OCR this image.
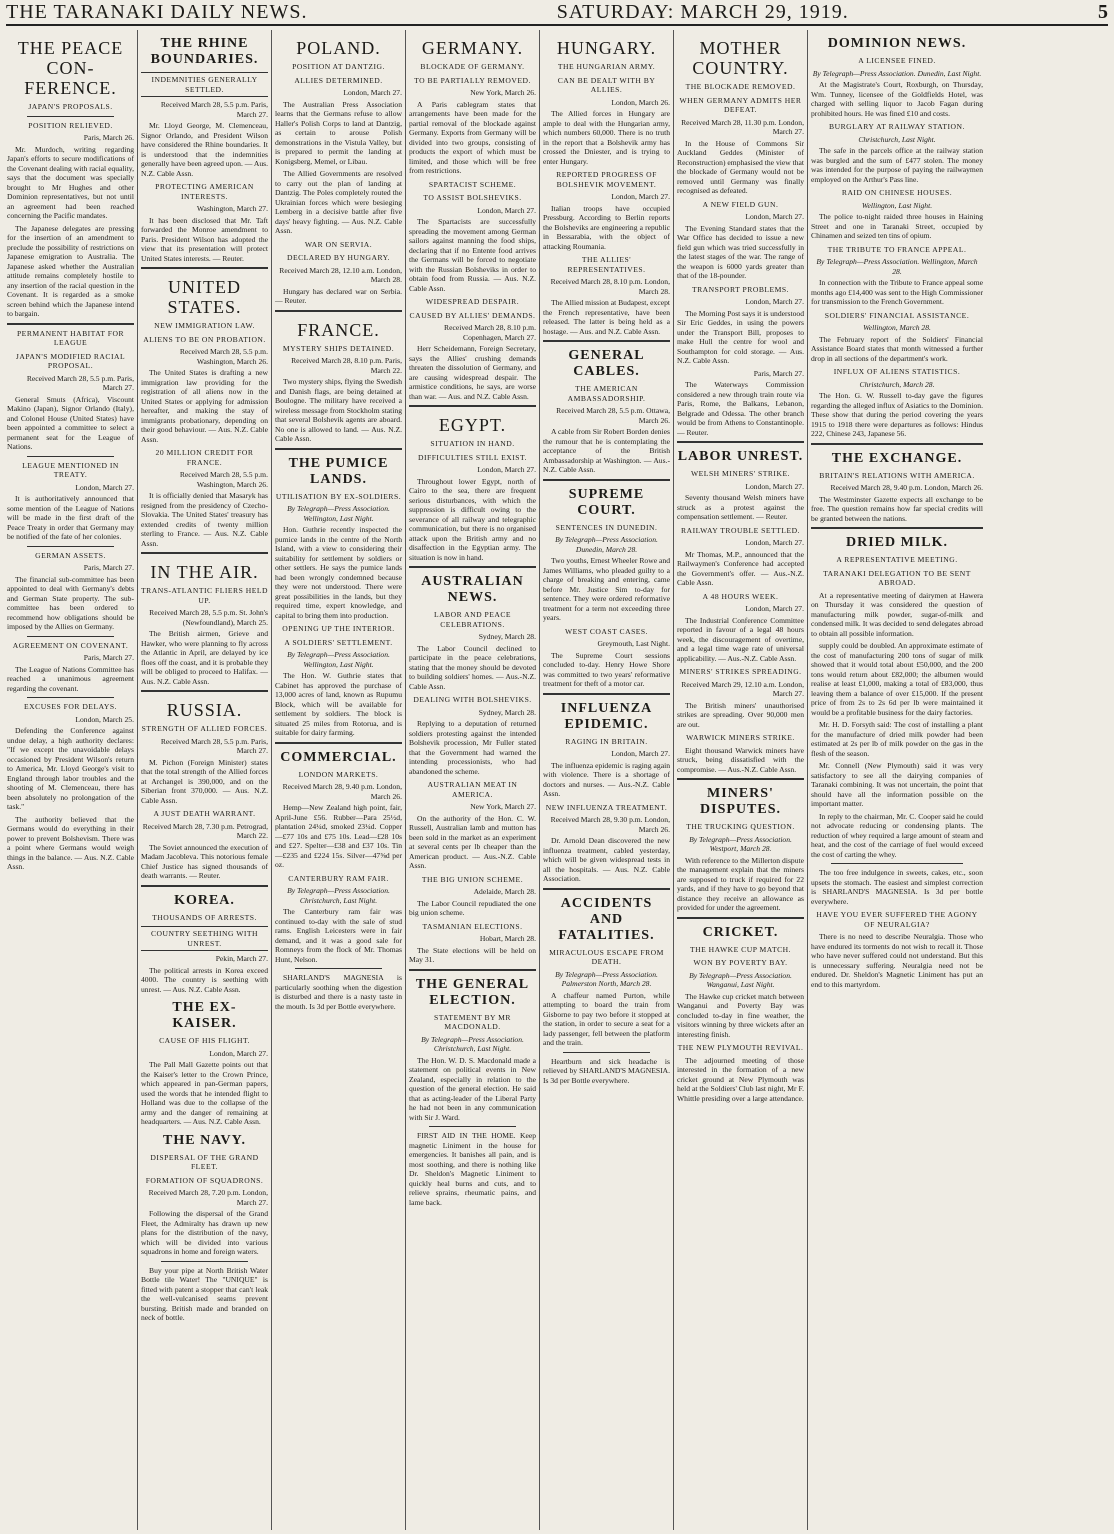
THE TARANAKI DAILY NEWS.	SATURDAY: MARCH 29, 1919.	5
THE PEACE CON-FERENCE.
JAPAN'S PROPOSALS.
POSITION RELIEVED.
Paris, March 26.

Mr. Murdoch, writing regarding Japan's efforts to secure modifications of the Covenant dealing with racial equality, says that the document was specially brought to Mr Hughes and other Dominion representatives, but not until an agreement had been reached concerning the Pacific mandates.

The Japanese delegates are pressing for the insertion of an amendment to preclude the possibility of restrictions on Japanese emigration to Australia. The Japanese asked whether the Australian attitude remains completely hostile to any insertion of the racial question in the Covenant. It is regarded as a smoke screen behind which the Japanese intend to bargain.

PERMANENT HABITAT FOR LEAGUE
JAPAN'S MODIFIED RACIAL PROPOSAL.
Received March 28, 5.5 p.m. Paris, March 27.

General Smuts (Africa), Viscount Makino (Japan), Signor Orlando (Italy), and Colonel House (United States) have been appointed a committee to select a permanent seat for the League of Nations.

LEAGUE MENTIONED IN TREATY.
London, March 27.

It is authoritatively announced that some mention of the League of Nations will be made in the first draft of the Peace Treaty in order that Germany may be notified of the fate of her colonies.

GERMAN ASSETS.
Paris, March 27.

The financial sub-committee has been appointed to deal with Germany's debts and German State property. The sub-committee has been ordered to recommend how obligations should be imposed by the Allies on Germany.

AGREEMENT ON COVENANT.
Paris, March 27.

The League of Nations Committee has reached a unanimous agreement regarding the covenant.

EXCUSES FOR DELAYS.
London, March 25.

Defending the Conference against undue delay, a high authority declares: "If we except the unavoidable delays occasioned by President Wilson's return to America, Mr. Lloyd George's visit to England through labor troubles and the shooting of M. Clemenceau, there has been absolutely no prolongation of the task."

The authority believed that the Germans would do everything in their power to prevent Bolshevism. There was a point where Germans would weigh things in the balance. — Aus. N.Z. Cable Assn.

THE RHINE BOUNDARIES.
INDEMNITIES GENERALLY SETTLED.
Received March 28, 5.5 p.m. Paris, March 27.

Mr. Lloyd George, M. Clemenceau, Signor Orlando, and President Wilson have considered the Rhine boundaries. It is understood that the indemnities generally have been agreed upon. — Aus. N.Z. Cable Assn.

PROTECTING AMERICAN INTERESTS.
Washington, March 27.

It has been disclosed that Mr. Taft forwarded the Monroe amendment to Paris. President Wilson has adopted the view that its presentation will protect United States interests. — Reuter.

UNITED STATES.
NEW IMMIGRATION LAW.
ALIENS TO BE ON PROBATION.
Received March 28, 5.5 p.m. Washington, March 26.

The United States is drafting a new immigration law providing for the registration of all aliens now in the United States or applying for admission hereafter, and making the stay of immigrants probationary, depending on their good behaviour. — Aus. N.Z. Cable Assn.

20 MILLION CREDIT FOR FRANCE.
Received March 28, 5.5 p.m. Washington, March 26.

It is officially denied that Masaryk has resigned from the presidency of Czecho-Slovakia. The United States' treasury has extended credits of twenty million sterling to France. — Aus. N.Z. Cable Assn.

IN THE AIR.
TRANS-ATLANTIC FLIERS HELD UP.
Received March 28, 5.5 p.m. St. John's (Newfoundland), March 25.

The British airmen, Grieve and Hawker, who were planning to fly across the Atlantic in April, are delayed by ice floes off the coast, and it is probable they will be obliged to proceed to Halifax. — Aus. N.Z. Cable Assn.

RUSSIA.
STRENGTH OF ALLIED FORCES.
Received March 28, 5.5 p.m. Paris, March 27.

M. Pichon (Foreign Minister) states that the total strength of the Allied forces at Archangel is 390,000, and on the Siberian front 370,000. — Aus. N.Z. Cable Assn.

A JUST DEATH WARRANT.
Received March 28, 7.30 p.m. Petrograd, March 22.

The Soviet announced the execution of Madam Jacobleva. This notorious female Chief Justice has signed thousands of death warrants. — Reuter.

KOREA.
THOUSANDS OF ARRESTS.
COUNTRY SEETHING WITH UNREST.
Pekin, March 27.

The political arrests in Korea exceed 4000. The country is seething with unrest. — Aus. N.Z. Cable Assn.

THE EX-KAISER.
CAUSE OF HIS FLIGHT.
London, March 27.

The Pall Mall Gazette points out that the Kaiser's letter to the Crown Prince, which appeared in pan-German papers, used the words that he intended flight to Holland was due to the collapse of the army and the danger of remaining at headquarters. — Aus. N.Z. Cable Assn.

THE NAVY.
DISPERSAL OF THE GRAND FLEET.
FORMATION OF SQUADRONS.
Received March 28, 7.20 p.m. London, March 27.

Following the dispersal of the Grand Fleet, the Admiralty has drawn up new plans for the distribution of the navy, which will be divided into various squadrons in home and foreign waters.

Buy your pipe at North British Water Bottle tile Water! The "UNIQUE" is fitted with patent a stopper that can't leak the well-vulcanised seams prevent bursting. British made and branded on neck of bottle.

POLAND.
POSITION AT DANTZIG.
ALLIES DETERMINED.
London, March 27.

The Australian Press Association learns that the Germans refuse to allow Haller's Polish Corps to land at Dantzig, as certain to arouse Polish demonstrations in the Vistula Valley, but is prepared to permit the landing at Konigsberg, Memel, or Libau.

The Allied Governments are resolved to carry out the plan of landing at Dantzig. The Poles completely routed the Ukrainian forces which were besieging Lemberg in a decisive battle after five days' heavy fighting. — Aus. N.Z. Cable Assn.

WAR ON SERVIA.
DECLARED BY HUNGARY.
Received March 28, 12.10 a.m. London, March 28.

Hungary has declared war on Serbia. — Reuter.

FRANCE.
MYSTERY SHIPS DETAINED.
Received March 28, 8.10 p.m. Paris, March 22.

Two mystery ships, flying the Swedish and Danish flags, are being detained at Boulogne. The military have received a wireless message from Stockholm stating that several Bolshevik agents are aboard. No one is allowed to land. — Aus. N.Z. Cable Assn.

THE PUMICE LANDS.
UTILISATION BY EX-SOLDIERS.
By Telegraph—Press Association. Wellington, Last Night.

Hon. Guthrie recently inspected the pumice lands in the centre of the North Island, with a view to considering their suitability for settlement by soldiers or other settlers. He says the pumice lands had been wrongly condemned because they were not understood. There were great possibilities in the lands, but they required time, expert knowledge, and capital to bring them into production.

OPENING UP THE INTERIOR.
A SOLDIERS' SETTLEMENT.
By Telegraph—Press Association. Wellington, Last Night.

The Hon. W. Guthrie states that Cabinet has approved the purchase of 13,000 acres of land, known as Rupumu Block, which will be available for settlement by soldiers. The block is situated 25 miles from Rotorua, and is suitable for dairy farming.

COMMERCIAL.
LONDON MARKETS.
Received March 28, 9.40 p.m. London, March 26.

Hemp—New Zealand high point, fair, April-June £56. Rubber—Para 25½d, plantation 24¼d, smoked 23¼d. Copper—£77 10s and £75 10s. Lead—£28 10s and £27. Spelter—£38 and £37 10s. Tin—£235 and £224 15s. Silver—47⅝d per oz.

CANTERBURY RAM FAIR.
By Telegraph—Press Association. Christchurch, Last Night.

The Canterbury ram fair was continued to-day with the sale of stud rams. English Leicesters were in fair demand, and it was a good sale for Romneys from the flock of Mr. Thomas Hunt, Nelson.

SHARLAND'S MAGNESIA is particularly soothing when the digestion is disturbed and there is a nasty taste in the mouth. Is 3d per Bottle everywhere.

GERMANY.
BLOCKADE OF GERMANY.
TO BE PARTIALLY REMOVED.
New York, March 26.

A Paris cablegram states that arrangements have been made for the partial removal of the blockade against Germany. Exports from Germany will be divided into two groups, consisting of products the export of which must be limited, and those which will be free from restrictions.

SPARTACIST SCHEME.
TO ASSIST BOLSHEVIKS.
London, March 27.

The Spartacists are successfully spreading the movement among German sailors against manning the food ships, declaring that if no Entente food arrives the Germans will be forced to negotiate with the Russian Bolsheviks in order to obtain food from Russia. — Aus. N.Z. Cable Assn.

WIDESPREAD DESPAIR.
CAUSED BY ALLIES' DEMANDS.
Received March 28, 8.10 p.m. Copenhagen, March 27.

Herr Scheidemann, Foreign Secretary, says the Allies' crushing demands threaten the dissolution of Germany, and are causing widespread despair. The armistice conditions, he says, are worse than war. — Aus. and N.Z. Cable Assn.

EGYPT.
SITUATION IN HAND.
DIFFICULTIES STILL EXIST.
London, March 27.

Throughout lower Egypt, north of Cairo to the sea, there are frequent serious disturbances, with which the suppression is difficult owing to the severance of all railway and telegraphic communication, but there is no organised attack upon the British army and no disaffection in the Egyptian army. The situation is now in hand.

AUSTRALIAN NEWS.
LABOR AND PEACE CELEBRATIONS.
Sydney, March 28.

The Labor Council declined to participate in the peace celebrations, stating that the money should be devoted to building soldiers' homes. — Aus.-N.Z. Cable Assn.

DEALING WITH BOLSHEVIKS.
Sydney, March 28.

Replying to a deputation of returned soldiers protesting against the intended Bolshevik procession, Mr Fuller stated that the Government had warned the intending processionists, who had abandoned the scheme.

AUSTRALIAN MEAT IN AMERICA.
New York, March 27.

On the authority of the Hon. C. W. Russell, Australian lamb and mutton has been sold in the market as an experiment at several cents per lb cheaper than the American product. — Aus.-N.Z. Cable Assn.

THE BIG UNION SCHEME.
Adelaide, March 28.

The Labor Council repudiated the one big union scheme.

TASMANIAN ELECTIONS.
Hobart, March 28.

The State elections will be held on May 31.

THE GENERAL ELECTION.
STATEMENT BY MR MACDONALD.
By Telegraph—Press Association. Christchurch, Last Night.

The Hon. W. D. S. Macdonald made a statement on political events in New Zealand, especially in relation to the question of the general election. He said that as acting-leader of the Liberal Party he had not been in any communication with Sir J. Ward.

FIRST AID IN THE HOME. Keep magnetic Liniment in the house for emergencies. It banishes all pain, and is most soothing, and there is nothing like Dr. Sheldon's Magnetic Liniment to quickly heal burns and cuts, and to relieve sprains, rheumatic pains, and lame back.

HUNGARY.
THE HUNGARIAN ARMY.
CAN BE DEALT WITH BY ALLIES.
London, March 26.

The Allied forces in Hungary are ample to deal with the Hungarian army, which numbers 60,000. There is no truth in the report that a Bolshevik army has crossed the Dniester, and is trying to enter Hungary.

REPORTED PROGRESS OF BOLSHEVIK MOVEMENT.
London, March 27.

Italian troops have occupied Pressburg. According to Berlin reports the Bolsheviks are engineering a republic in Bessarabia, with the object of attacking Roumania.

THE ALLIES' REPRESENTATIVES.
Received March 28, 8.10 p.m. London, March 28.

The Allied mission at Budapest, except the French representative, have been released. The latter is being held as a hostage. — Aus. and N.Z. Cable Assn.

GENERAL CABLES.
THE AMERICAN AMBASSADORSHIP.
Received March 28, 5.5 p.m. Ottawa, March 26.

A cable from Sir Robert Borden denies the rumour that he is contemplating the acceptance of the British Ambassadorship at Washington. — Aus.-N.Z. Cable Assn.

SUPREME COURT.
SENTENCES IN DUNEDIN.
By Telegraph—Press Association. Dunedin, March 28.

Two youths, Ernest Wheeler Rowe and James Williams, who pleaded guilty to a charge of breaking and entering, came before Mr. Justice Sim to-day for sentence. They were ordered reformative treatment for a term not exceeding three years.

WEST COAST CASES.
Greymouth, Last Night.

The Supreme Court sessions concluded to-day. Henry Howe Shore was committed to two years' reformative treatment for theft of a motor car.

INFLUENZA EPIDEMIC.
RAGING IN BRITAIN.
London, March 27.

The influenza epidemic is raging again with violence. There is a shortage of doctors and nurses. — Aus.-N.Z. Cable Assn.

NEW INFLUENZA TREATMENT.
Received March 28, 9.30 p.m. London, March 26.

Dr. Arnold Dean discovered the new influenza treatment, cabled yesterday, which will be given widespread tests in all the hospitals. — Aus. N.Z. Cable Association.

ACCIDENTS AND FATALITIES.
MIRACULOUS ESCAPE FROM DEATH.
By Telegraph—Press Association. Palmerston North, March 28.

A chaffeur named Purton, while attempting to board the train from Gisborne to pay two before it stopped at the station, in order to secure a seat for a lady passenger, fell between the platform and the train.

Heartburn and sick headache is relieved by SHARLAND'S MAGNESIA. Is 3d per Bottle everywhere.

MOTHER COUNTRY.
THE BLOCKADE REMOVED.
WHEN GERMANY ADMITS HER DEFEAT.
Received March 28, 11.30 p.m. London, March 27.

In the House of Commons Sir Auckland Geddes (Minister of Reconstruction) emphasised the view that the blockade of Germany would not be removed until Germany was finally recognised as defeated.

A NEW FIELD GUN.
London, March 27.

The Evening Standard states that the War Office has decided to issue a new field gun which was tried successfully in the latest stages of the war. The range of the weapon is 6000 yards greater than that of the 18-pounder.

TRANSPORT PROBLEMS.
London, March 27.

The Morning Post says it is understood Sir Eric Geddes, in using the powers under the Transport Bill, proposes to make Hull the centre for wool and Southampton for cold storage. — Aus. N.Z. Cable Assn.

Paris, March 27.

The Waterways Commission considered a new through train route via Paris, Rome, the Balkans, Lebanon, Belgrade and Odessa. The other branch would be from Athens to Constantinople. — Reuter.

LABOR UNREST.
WELSH MINERS' STRIKE.
London, March 27.

Seventy thousand Welsh miners have struck as a protest against the compensation settlement. — Reuter.

RAILWAY TROUBLE SETTLED.
London, March 27.

Mr Thomas, M.P., announced that the Railwaymen's Conference had accepted the Government's offer. — Aus.-N.Z. Cable Assn.

A 48 HOURS WEEK.
London, March 27.

The Industrial Conference Committee reported in favour of a legal 48 hours week, the discouragement of overtime, and a legal time wage rate of universal applicability. — Aus.-N.Z. Cable Assn.

MINERS' STRIKES SPREADING.
Received March 29, 12.10 a.m. London, March 27.

The British miners' unauthorised strikes are spreading. Over 90,000 men are out.

WARWICK MINERS STRIKE.

Eight thousand Warwick miners have struck, being dissatisfied with the compromise. — Aus.-N.Z. Cable Assn.

MINERS' DISPUTES.
THE TRUCKING QUESTION.
By Telegraph—Press Association. Westport, March 28.

With reference to the Millerton dispute the management explain that the miners are supposed to truck if required for 22 yards, and if they have to go beyond that distance they receive an allowance as provided for under the agreement.

CRICKET.
THE HAWKE CUP MATCH.
WON BY POVERTY BAY.
By Telegraph—Press Association. Wanganui, Last Night.

The Hawke cup cricket match between Wanganui and Poverty Bay was concluded to-day in fine weather, the visitors winning by three wickets after an interesting finish.

THE NEW PLYMOUTH REVIVAL.

The adjourned meeting of those interested in the formation of a new cricket ground at New Plymouth was held at the Soldiers' Club last night, Mr F. Whittle presiding over a large attendance.

DOMINION NEWS.
A LICENSEE FINED.
By Telegraph—Press Association. Dunedin, Last Night.

At the Magistrate's Court, Roxburgh, on Thursday, Wm. Tunney, licensee of the Goldfields Hotel, was charged with selling liquor to Jacob Fagan during prohibited hours. He was fined £10 and costs.

BURGLARY AT RAILWAY STATION.
Christchurch, Last Night.

The safe in the parcels office at the railway station was burgled and the sum of £477 stolen. The money was intended for the purpose of paying the railwaymen employed on the Arthur's Pass line.

RAID ON CHINESE HOUSES.
Wellington, Last Night.

The police to-night raided three houses in Haining Street and one in Taranaki Street, occupied by Chinamen and seized ten tins of opium.

THE TRIBUTE TO FRANCE APPEAL.
By Telegraph—Press Association. Wellington, March 28.

In connection with the Tribute to France appeal some months ago £14,400 was sent to the High Commissioner for transmission to the French Government.

SOLDIERS' FINANCIAL ASSISTANCE.
Wellington, March 28.

The February report of the Soldiers' Financial Assistance Board states that month witnessed a further drop in all sections of the department's work.

INFLUX OF ALIENS STATISTICS.
Christchurch, March 28.

The Hon. G. W. Russell to-day gave the figures regarding the alleged influx of Asiatics to the Dominion. These show that during the period covering the years 1915 to 1918 there were departures as follows: Hindus 222, Chinese 243, Japanese 56.

THE EXCHANGE.
BRITAIN'S RELATIONS WITH AMERICA.
Received March 28, 9.40 p.m. London, March 26.

The Westminster Gazette expects all exchange to be free. The question remains how far special credits will be granted between the nations.

DRIED MILK.
A REPRESENTATIVE MEETING.
TARANAKI DELEGATION TO BE SENT ABROAD.

At a representative meeting of dairymen at Hawera on Thursday it was considered the question of manufacturing milk powder, sugar-of-milk and condensed milk. It was decided to send delegates abroad to obtain all possible information.

supply could be doubled. An approximate estimate of the cost of manufacturing 200 tons of sugar of milk showed that it would total about £50,000, and the 200 tons would return about £82,000; the albumen would realise at least £1,000, making a total of £83,000, thus leaving them a balance of over £15,000. If the present price of from 2s to 2s 6d per lb were maintained it would be a profitable business for the dairy factories.

Mr. H. D. Forsyth said: The cost of installing a plant for the manufacture of dried milk powder had been estimated at 2s per lb of milk powder on the gas in the flesh of the season.

Mr. Connell (New Plymouth) said it was very satisfactory to see all the dairying companies of Taranaki combining. It was not uncertain, the point that should have all the information possible on the important matter.

In reply to the chairman, Mr. C. Cooper said he could not advocate reducing or condensing plants. The reduction of whey required a large amount of steam and heat, and the cost of the carriage of fuel would exceed the cost of carting the whey.

The too free indulgence in sweets, cakes, etc., soon upsets the stomach. The easiest and simplest correction is SHARLAND'S MAGNESIA. Is 3d per bottle everywhere.

HAVE YOU EVER SUFFERED THE AGONY OF NEURALGIA?

There is no need to describe Neuralgia. Those who have endured its torments do not wish to recall it. Those who have never suffered could not understand. But this is unnecessary suffering. Neuralgia need not be endured. Dr. Sheldon's Magnetic Liniment has put an end to this martyrdom.
